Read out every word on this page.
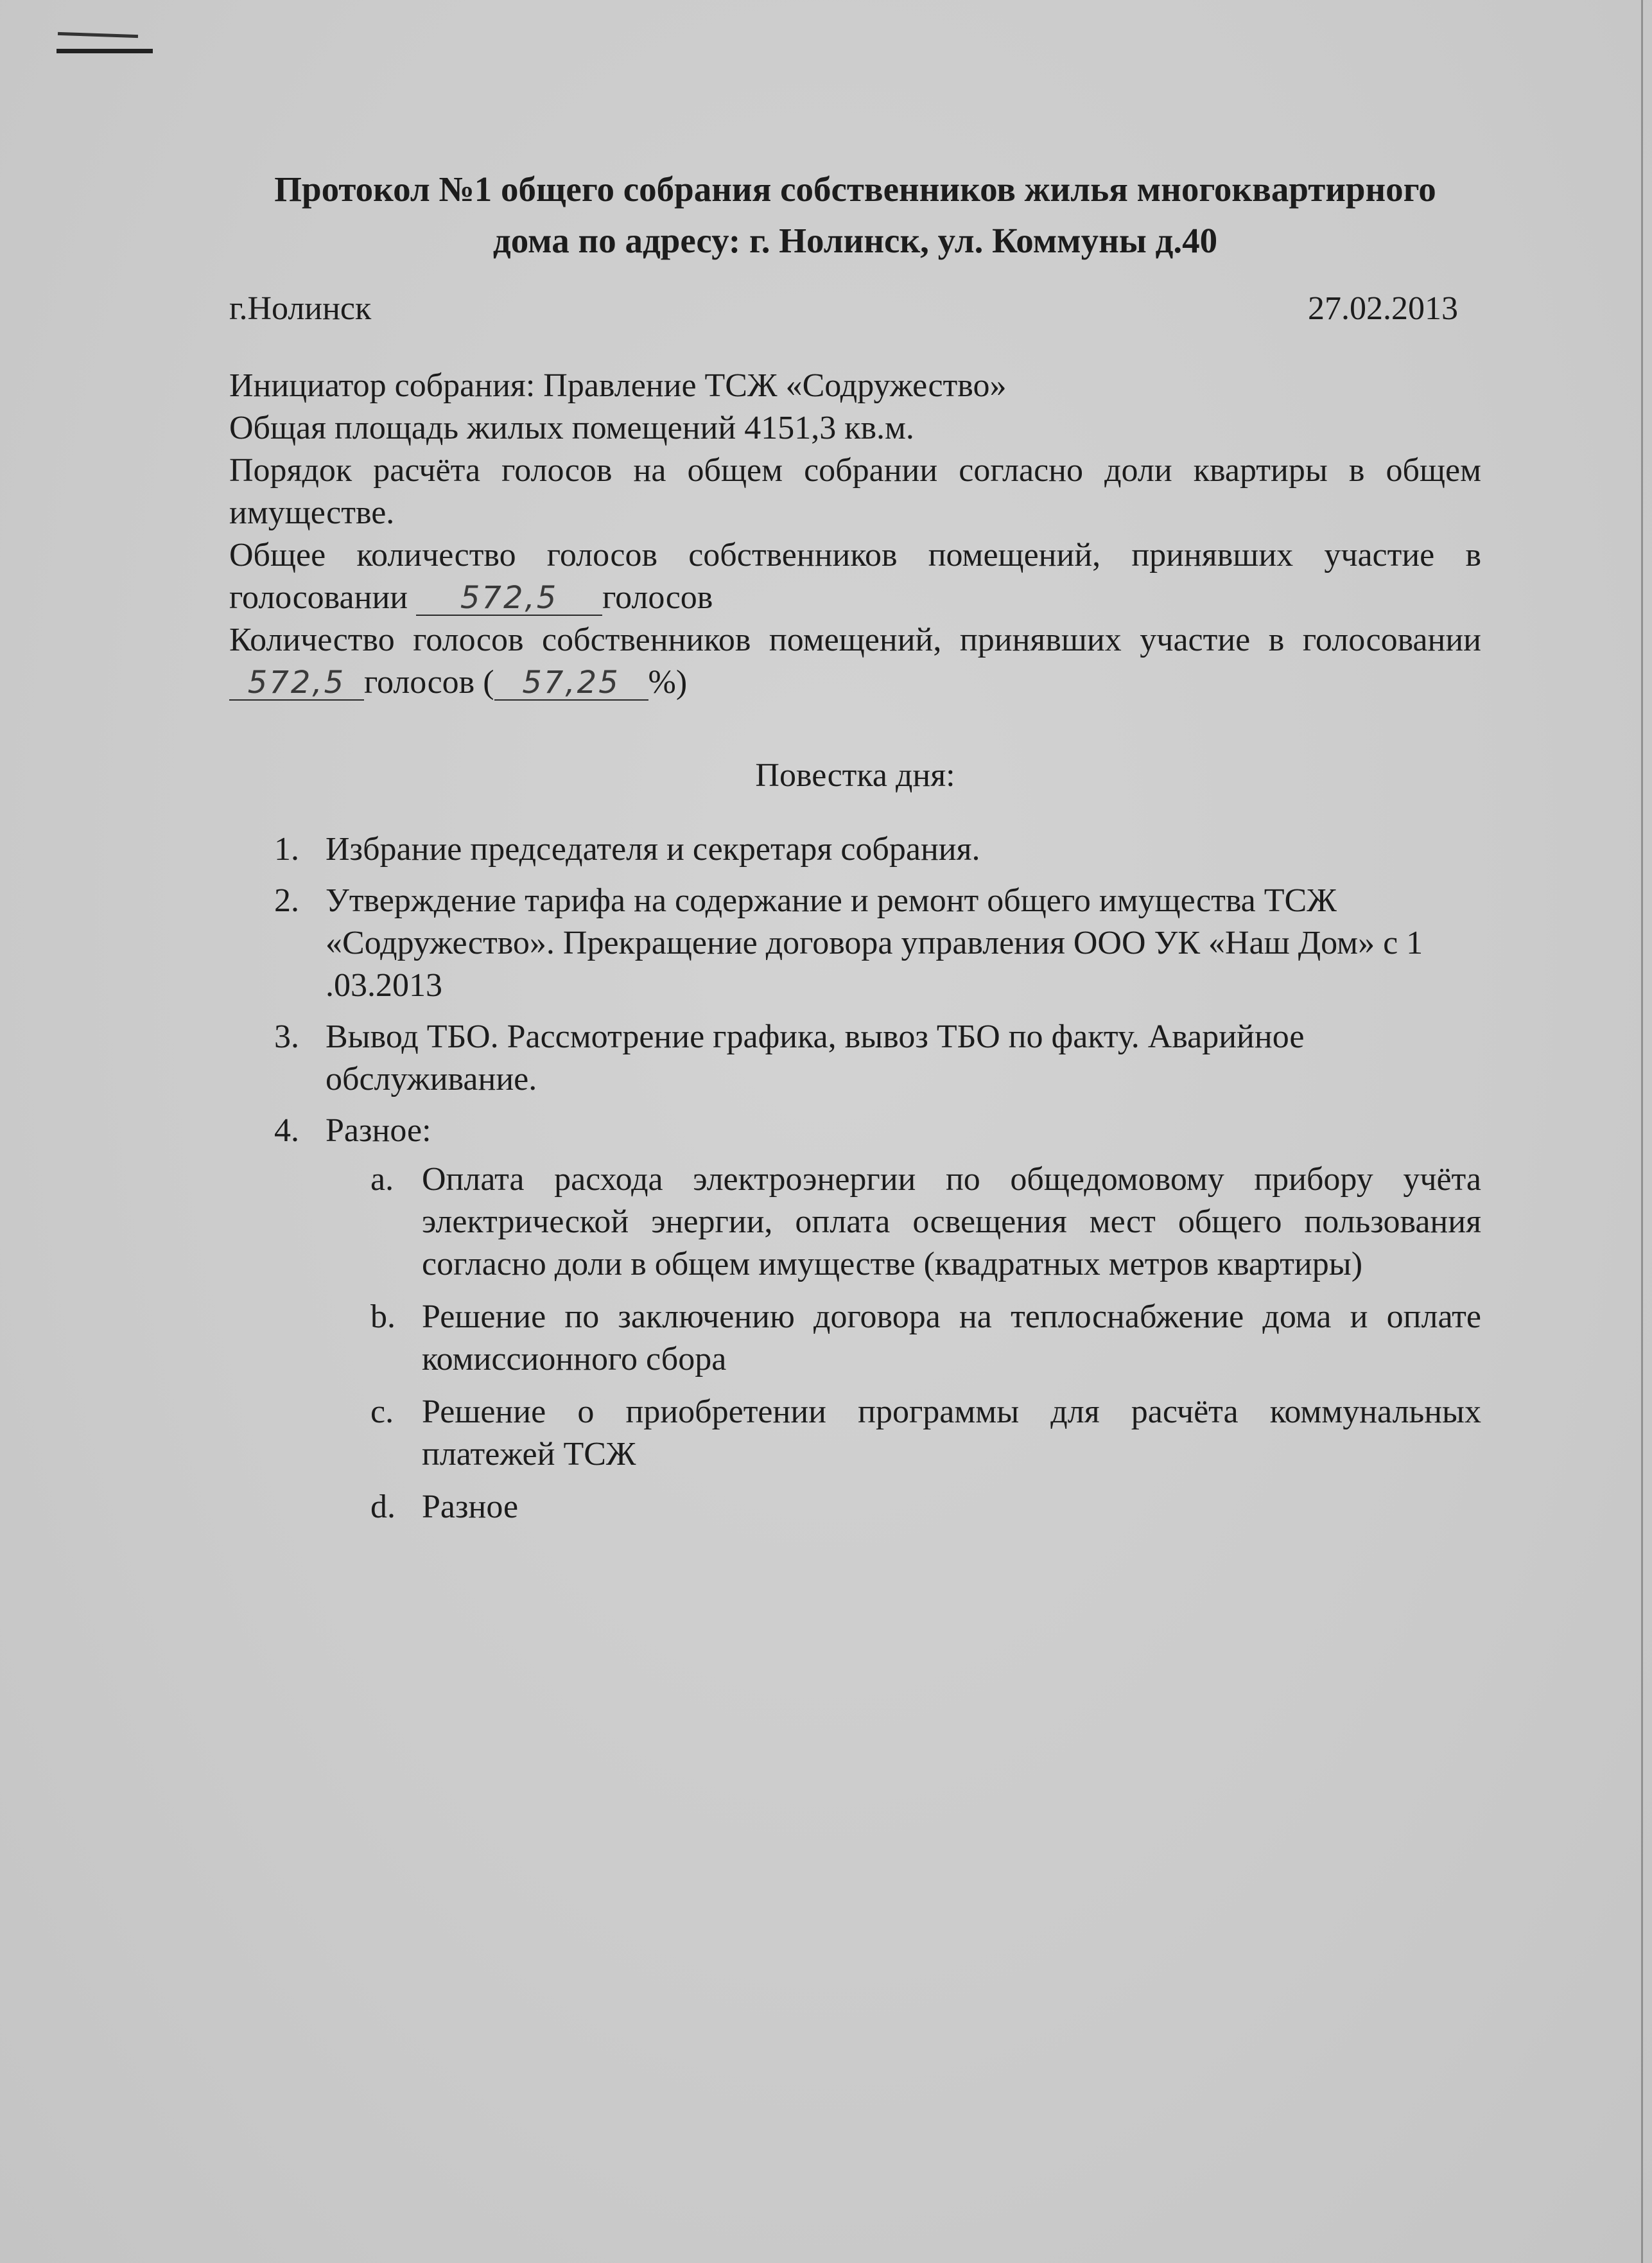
Протокол №1 общего собрания собственников жилья многоквартирного
дома по адресу: г. Нолинск, ул. Коммуны д.40
г.Нолинск	27.02.2013

Инициатор собрания: Правление ТСЖ «Содружество»

Общая площадь жилых помещений 4151,3 кв.м.

Порядок расчёта голосов на общем собрании согласно доли квартиры в общем имуществе.

Общее количество голосов собственников помещений, принявших участие в голосовании 572,5 голосов

Количество голосов собственников помещений, принявших участие в голосовании 572,5 голосов ( 57,25 %)

Повестка дня:
1. Избрание председателя и секретаря собрания.
2. Утверждение тарифа на содержание и ремонт общего имущества ТСЖ «Содружество». Прекращение договора управления ООО УК «Наш Дом» с 1 .03.2013
3. Вывод ТБО. Рассмотрение графика, вывоз ТБО по факту. Аварийное обслуживание.
4. Разное:
a. Оплата расхода электроэнергии по общедомовому прибору учёта электрической энергии, оплата освещения мест общего пользования согласно доли в общем имуществе (квадратных метров квартиры)
b. Решение по заключению договора на теплоснабжение дома и оплате комиссионного сбора
c. Решение о приобретении программы для расчёта коммунальных платежей ТСЖ
d. Разное
